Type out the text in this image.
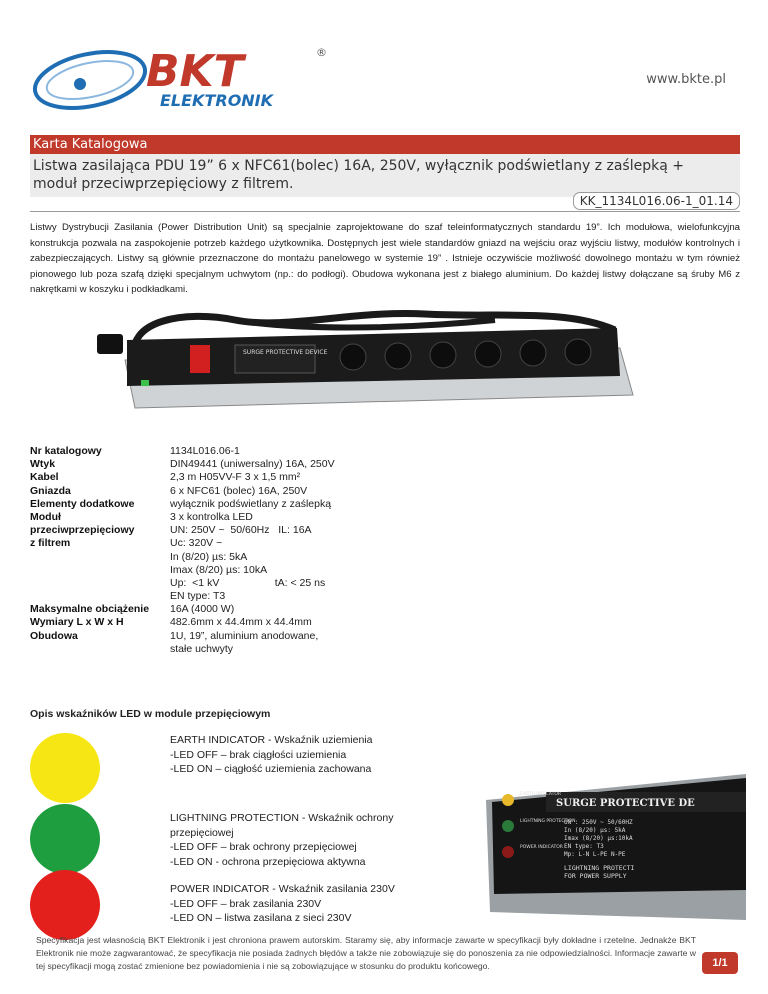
BKT
ELEKTRONIK
®
www.bkte.pl
Karta Katalogowa
Listwa zasilająca PDU 19” 6 x NFC61(bolec) 16A, 250V, wyłącznik podświetlany z zaślepką +
moduł przeciwprzepięciowy z filtrem.
KK_1134L016.06-1_01.14
Listwy Dystrybucji Zasilania (Power Distribution Unit) są specjalnie zaprojektowane do szaf teleinformatycznych standardu 19”. Ich modułowa, wielofunkcyjna konstrukcja pozwala na zaspokojenie potrzeb każdego użytkownika. Dostępnych jest wiele standardów gniazd na wejściu oraz wyjściu listwy, modułów kontrolnych i zabezpieczających. Listwy są głównie przeznaczone do montażu panelowego w systemie 19” . Istnieje oczywiście możliwość dowolnego montażu w tym również pionowego lub poza szafą dzięki specjalnym uchwytom (np.: do podłogi). Obudowa wykonana jest z białego aluminium. Do każdej listwy dołączane są śruby M6 z nakrętkami w koszyku i podkładkami.
SURGE PROTECTIVE DEVICE
Nr katalogowy
Wtyk
Kabel
Gniazda
Elementy dodatkowe
Moduł
przeciwprzepięciowy
z filtrem
Maksymalne obciążenie
Wymiary L x W x H
Obudowa
1134L016.06-1
DIN49441 (uniwersalny) 16A, 250V
2,3 m H05VV-F 3 x 1,5 mm²
6 x NFC61 (bolec) 16A, 250V
wyłącznik podświetlany z zaślepką
3 x kontrolka LED
UN: 250V ~  50/60Hz   IL: 16A
Uc: 320V ~
In (8/20) µs: 5kA
Imax (8/20) µs: 10kA
Up:  <1 kV                   tA: < 25 ns
EN type: T3
16A (4000 W)
482.6mm x 44.4mm x 44.4mm
1U, 19”, aluminium anodowane,
stałe uchwyty
Opis wskaźników LED w module przepięciowym
EARTH INDICATOR - Wskaźnik uziemienia
-LED OFF – brak ciągłości uziemienia
-LED ON – ciągłość uziemienia zachowana
LIGHTNING PROTECTION - Wskaźnik ochrony
przepięciowej
-LED OFF – brak ochrony przepięciowej
-LED ON - ochrona przepięciowa aktywna
POWER INDICATOR - Wskaźnik zasilania 230V
-LED OFF – brak zasilania 230V
-LED ON – listwa zasilana z sieci 230V
SURGE PROTECTIVE DE
EARTH INDICATOR
LIGHTNING PROTECTION
POWER INDICATOR
UN : 250V ~ 50/60HZ
In (8/20) µs: 5kA
Imax (8/20) µs:10kA
EN type: T3
Mp: L-N L-PE N-PE
LIGHTNING PROTECTI
FOR POWER SUPPLY
Specyfikacja jest własnością BKT Elektronik i jest chroniona prawem autorskim. Staramy się, aby informacje zawarte w specyfikacji były dokładne i rzetelne. Jednakże BKT Elektronik nie może zagwarantować, że specyfikacja nie posiada żadnych błędów a także nie zobowiązuje się do ponoszenia za nie odpowiedzialności. Informacje zawarte w tej specyfikacji mogą zostać zmienione bez powiadomienia i nie są zobowiązujące w stosunku do produktu końcowego.	1/1
